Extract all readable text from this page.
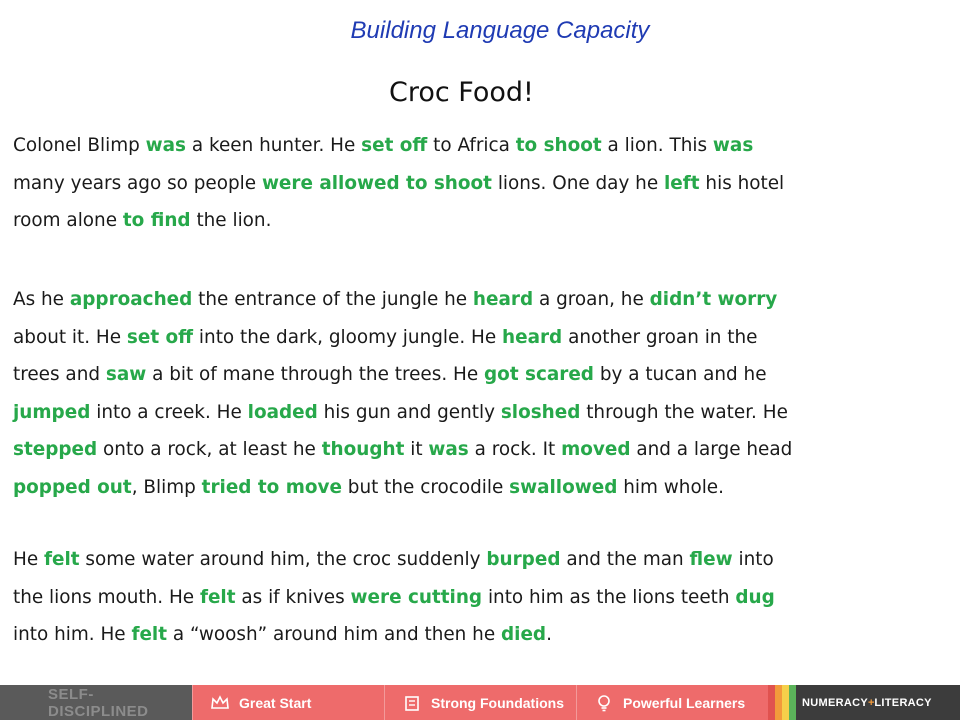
Building Language Capacity
Croc Food!
Colonel Blimp was a keen hunter. He set off to Africa to shoot a lion. This was
many years ago so people were allowed to shoot lions. One day he left his hotel
room alone to find the lion.
As he approached the entrance of the jungle he heard a groan, he didn’t worry
about it. He set off into the dark, gloomy jungle. He heard another groan in the
trees and saw a bit of mane through the trees. He got scared by a tucan and he
jumped into a creek. He loaded his gun and gently sloshed through the water. He
stepped onto a rock, at least he thought it was a rock. It moved and a large head
popped out, Blimp tried to move but the crocodile swallowed him whole.
He felt some water around him, the croc suddenly burped and the man flew into
the lions mouth. He felt as if knives were cutting into him as the lions teeth dug
into him. He felt a “woosh” around him and then he died.
SELF-DISCIPLINED	Great Start	Strong Foundations	Powerful Learners	NUMERACY + LITERACY
